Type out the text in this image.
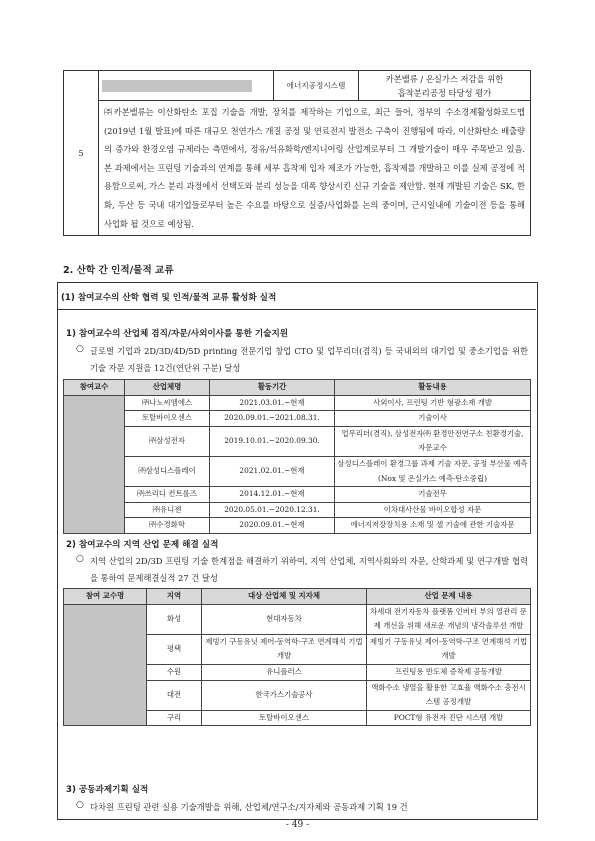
5		에너지공정시스템	
카본밸류 / 온실가스 저감을 위한
흡착분리공정 타당성 평가

㈜카본밸류는 이산화탄소 포집 기술을 개발, 장치를 제작하는 기업으로, 최근 들어, 정부의 수소경제활성화로드맵(2019년 1월 발표)에 따른 대규모 천연가스 개질 공정 및 연료전지 발전소 구축이 진행됨에 따라, 이산화탄소 배출량의 증가와 환경오염 규제라는 측면에서, 정유/석유화학/엔지니어링 산업계로부터 그 개발기술이 매우 주목받고 있음. 본 과제에서는 프린팅 기술과의 연계를 통해 세부 흡착제 입자 제조가 가능한, 흡착제를 개발하고 이를 실제 공정에 적용함으로써, 가스 분리 과정에서 선택도와 분리 성능을 대폭 향상시킨 신규 기술을 제안함. 현재 개발된 기술은 SK, 한화, 두산 등 국내 대기업들로부터 높은 수요를 바탕으로 실증/사업화를 논의 중이며, 근시일내에 기술이전 등을 통해 사업화 될 것으로 예상됨.
2. 산학 간 인적/물적 교류
(1) 참여교수의 산학 협력 및 인적/물적 교류 활성화 실적
1) 참여교수의 산업체 겸직/자문/사외이사를 통한 기술지원
○ 글로벌 기업과 2D/3D/4D/5D printing 전문기업 창업 CTO 및 업무리더(겸직) 등 국내외의 대기업 및 중소기업을 위한 기술 자문 지원을 12건(연단위 구분) 달성
참여교수	산업체명	활동기간	활동내용
	㈜나노씨엠에스	2021.03.01.~현재	사외이사, 프린팅 기반 형광소재 개발
	토탈바이오센스	2020.09.01.~2021.08.31.	기술이사
	㈜삼성전자	2019.10.01.~2020.09.30.	업무리더(겸직), 삼성전자㈜ 환경안전연구소 친환경기술, 자문교수
	㈜삼성디스플레이	2021.02.01.~현재	삼성디스플레이 환경그룹 과제 기술 자문, 공정 부산물 예측 (Nox 및 온실가스 예측-탄소중립)
	㈜쓰리디 컨트롤즈	2014.12.01.~현재	기술전무
	㈜유니젠	2020.05.01.~2020.12.31.	이차대사산물 바이오합성 자문
	㈜수경화학	2020.09.01.~현재	에너지저장장치용 소재 및 셀 기술에 관한 기술자문
2) 참여교수의 지역 산업 문제 해결 실적
○ 지역 산업의 2D/3D 프린팅 기술 한계점을 해결하기 위하여, 지역 산업체, 지역사회와의 자문, 산학과제 및 연구개발 협력을 통하여 문제해결실적 27 건 달성
참여 교수명	지역	대상 산업체 및 지자체	산업 문제 내용
	화성	현대자동차	차세대 전기자동차 플랫폼 인버터 부의 열관리 문제 개선을 위해 새로운 개념의 냉각솔루션 개발
	평택	제빙기 구동유닛 제어-동역학-구조 연계해석 기법 개발	제빙기 구동유닛 제어-동역학-구조 연계해석 기법 개발
	수원	유니플러스	프린팅용 반도체 증착제 공동개발
	대전	한국가스기술공사	액화수소 냉열을 활용한 고효율 액화수소 충전시스템 공정개발
	구리	토탈바이오센스	POCT형 유전자 진단 시스템 개발
3) 공동과제기획 실적
○ 다차원 프린팅 관련 실용 기술개발을 위해, 산업체/연구소/지자체와 공동과제 기획 19 건
- 49 -
